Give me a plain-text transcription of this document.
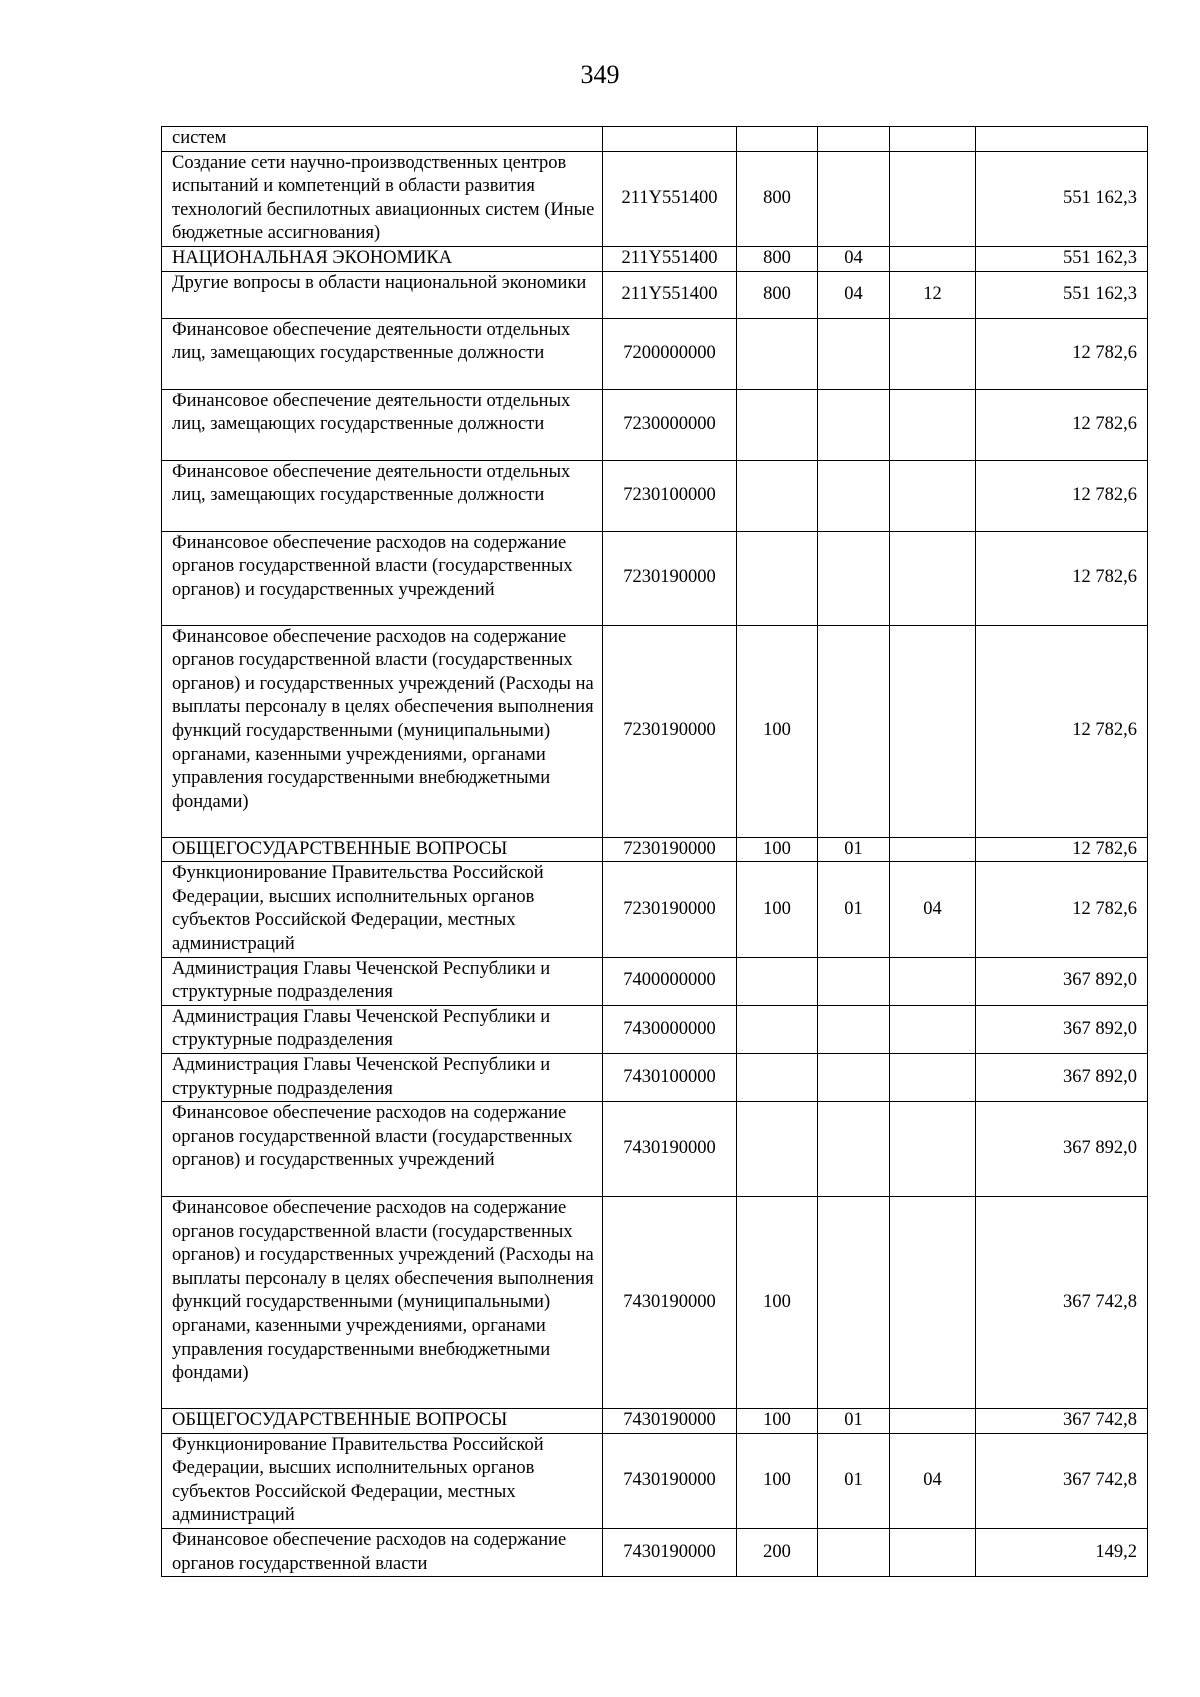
349
систем					
Создание сети научно-производственных центров испытаний и компетенций в области развития технологий беспилотных авиационных систем (Иные бюджетные ассигнования)	211Y551400	800			551 162,3
НАЦИОНАЛЬНАЯ ЭКОНОМИКА	211Y551400	800	04		551 162,3
Другие вопросы в области национальной экономики	211Y551400	800	04	12	551 162,3
Финансовое обеспечение деятельности отдельных лиц, замещающих государственные должности	7200000000				12 782,6
Финансовое обеспечение деятельности отдельных лиц, замещающих государственные должности	7230000000				12 782,6
Финансовое обеспечение деятельности отдельных лиц, замещающих государственные должности	7230100000				12 782,6
Финансовое обеспечение расходов на содержание органов государственной власти (государственных органов) и государственных учреждений	7230190000				12 782,6
Финансовое обеспечение расходов на содержание органов государственной власти (государственных органов) и государственных учреждений (Расходы на выплаты персоналу в целях обеспечения выполнения функций государственными (муниципальными) органами, казенными учреждениями, органами управления государственными внебюджетными фондами)	7230190000	100			12 782,6
ОБЩЕГОСУДАРСТВЕННЫЕ ВОПРОСЫ	7230190000	100	01		12 782,6
Функционирование Правительства Российской Федерации, высших исполнительных органов субъектов Российской Федерации, местных администраций	7230190000	100	01	04	12 782,6
Администрация Главы Чеченской Республики и структурные подразделения	7400000000				367 892,0
Администрация Главы Чеченской Республики и структурные подразделения	7430000000				367 892,0
Администрация Главы Чеченской Республики и структурные подразделения	7430100000				367 892,0
Финансовое обеспечение расходов на содержание органов государственной власти (государственных органов) и государственных учреждений	7430190000				367 892,0
Финансовое обеспечение расходов на содержание органов государственной власти (государственных органов) и государственных учреждений (Расходы на выплаты персоналу в целях обеспечения выполнения функций государственными (муниципальными) органами, казенными учреждениями, органами управления государственными внебюджетными фондами)	7430190000	100			367 742,8
ОБЩЕГОСУДАРСТВЕННЫЕ ВОПРОСЫ	7430190000	100	01		367 742,8
Функционирование Правительства Российской Федерации, высших исполнительных органов субъектов Российской Федерации, местных администраций	7430190000	100	01	04	367 742,8
Финансовое обеспечение расходов на содержание органов государственной власти	7430190000	200			149,2
